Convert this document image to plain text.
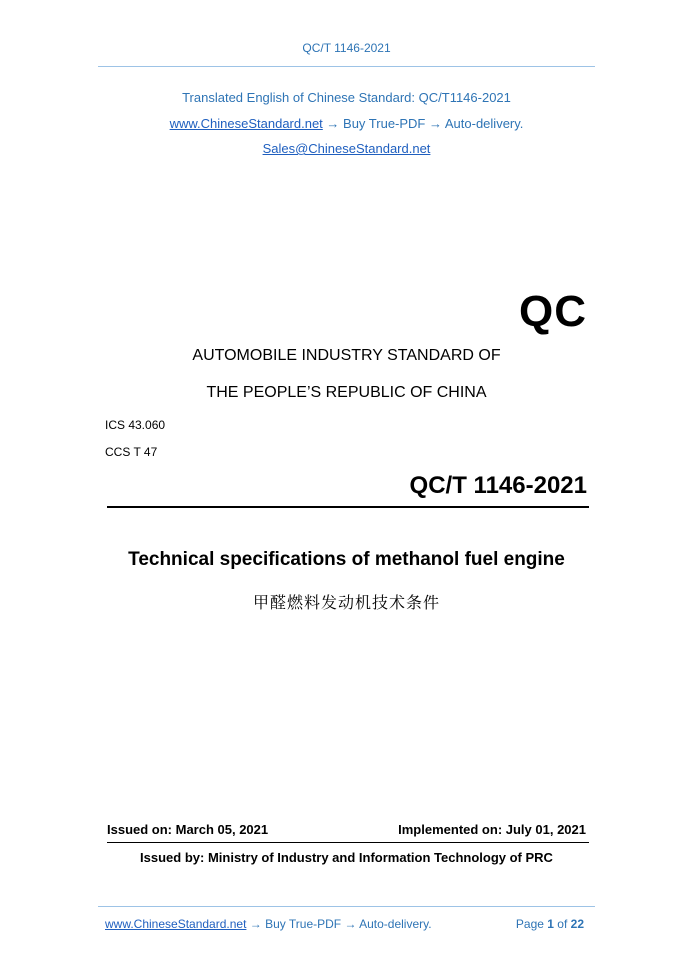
QC/T 1146-2021
Translated English of Chinese Standard: QC/T1146-2021
www.ChineseStandard.net → Buy True-PDF → Auto-delivery.
Sales@ChineseStandard.net
QC
AUTOMOBILE INDUSTRY STANDARD OF
THE PEOPLE’S REPUBLIC OF CHINA
ICS 43.060
CCS T 47
QC/T 1146-2021
Technical specifications of methanol fuel engine
甲醛燃料发动机技术条件
Issued on: March 05, 2021	Implemented on: July 01, 2021
Issued by: Ministry of Industry and Information Technology of PRC
www.ChineseStandard.net → Buy True-PDF → Auto-delivery.	Page 1 of 22
